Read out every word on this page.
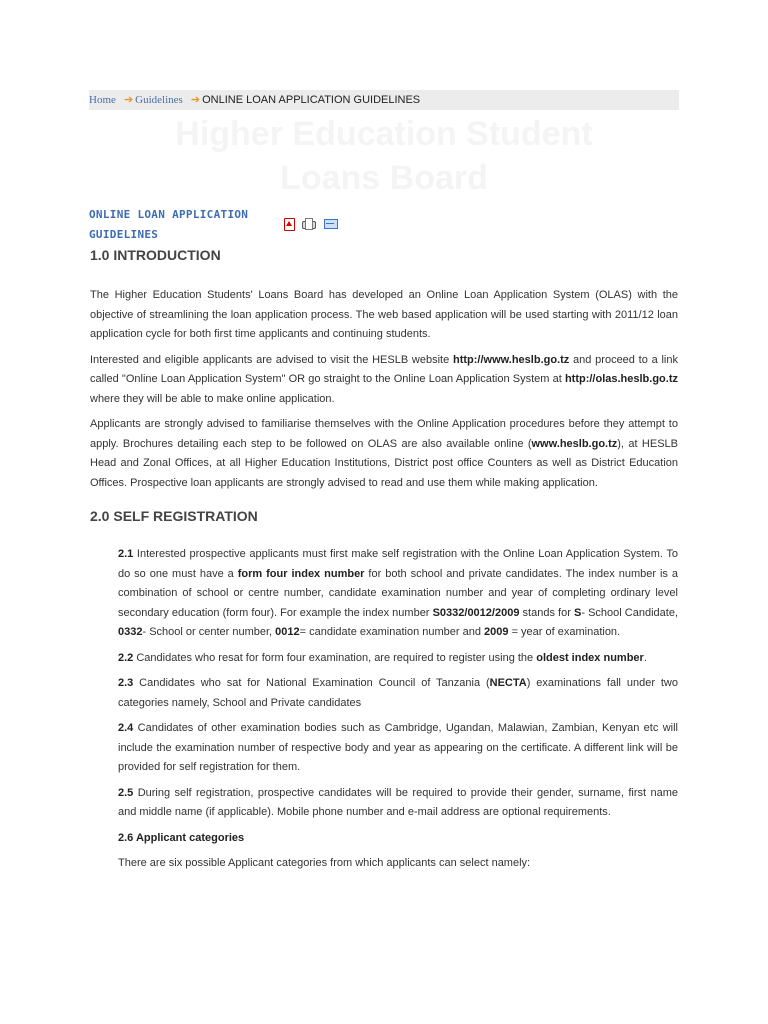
Home ➔ Guidelines ➔ ONLINE LOAN APPLICATION GUIDELINES
Higher Education Student
Loans Board
ONLINE LOAN APPLICATION
GUIDELINES

1.0 INTRODUCTION

The Higher Education Students' Loans Board has developed an Online Loan Application System (OLAS) with the objective of streamlining the loan application process. The web based application will be used starting with 2011/12 loan application cycle for both first time applicants and continuing students.

Interested and eligible applicants are advised to visit the HESLB website http://www.heslb.go.tz and proceed to a link called "Online Loan Application System" OR go straight to the Online Loan Application System at http://olas.heslb.go.tz where they will be able to make online application.

Applicants are strongly advised to familiarise themselves with the Online Application procedures before they attempt to apply. Brochures detailing each step to be followed on OLAS are also available online (www.heslb.go.tz), at HESLB Head and Zonal Offices, at all Higher Education Institutions, District post office Counters as well as District Education Offices. Prospective loan applicants are strongly advised to read and use them while making application.

2.0 SELF REGISTRATION

2.1 Interested prospective applicants must first make self registration with the Online Loan Application System. To do so one must have a form four index number for both school and private candidates. The index number is a combination of school or centre number, candidate examination number and year of completing ordinary level secondary education (form four). For example the index number S0332/0012/2009 stands for S- School Candidate, 0332- School or center number, 0012= candidate examination number and 2009 = year of examination.

2.2 Candidates who resat for form four examination, are required to register using the oldest index number.

2.3 Candidates who sat for National Examination Council of Tanzania (NECTA) examinations fall under two categories namely, School and Private candidates

2.4 Candidates of other examination bodies such as Cambridge, Ugandan, Malawian, Zambian, Kenyan etc will include the examination number of respective body and year as appearing on the certificate. A different link will be provided for self registration for them.

2.5 During self registration, prospective candidates will be required to provide their gender, surname, first name and middle name (if applicable). Mobile phone number and e-mail address are optional requirements.

2.6 Applicant categories

There are six possible Applicant categories from which applicants can select namely:
